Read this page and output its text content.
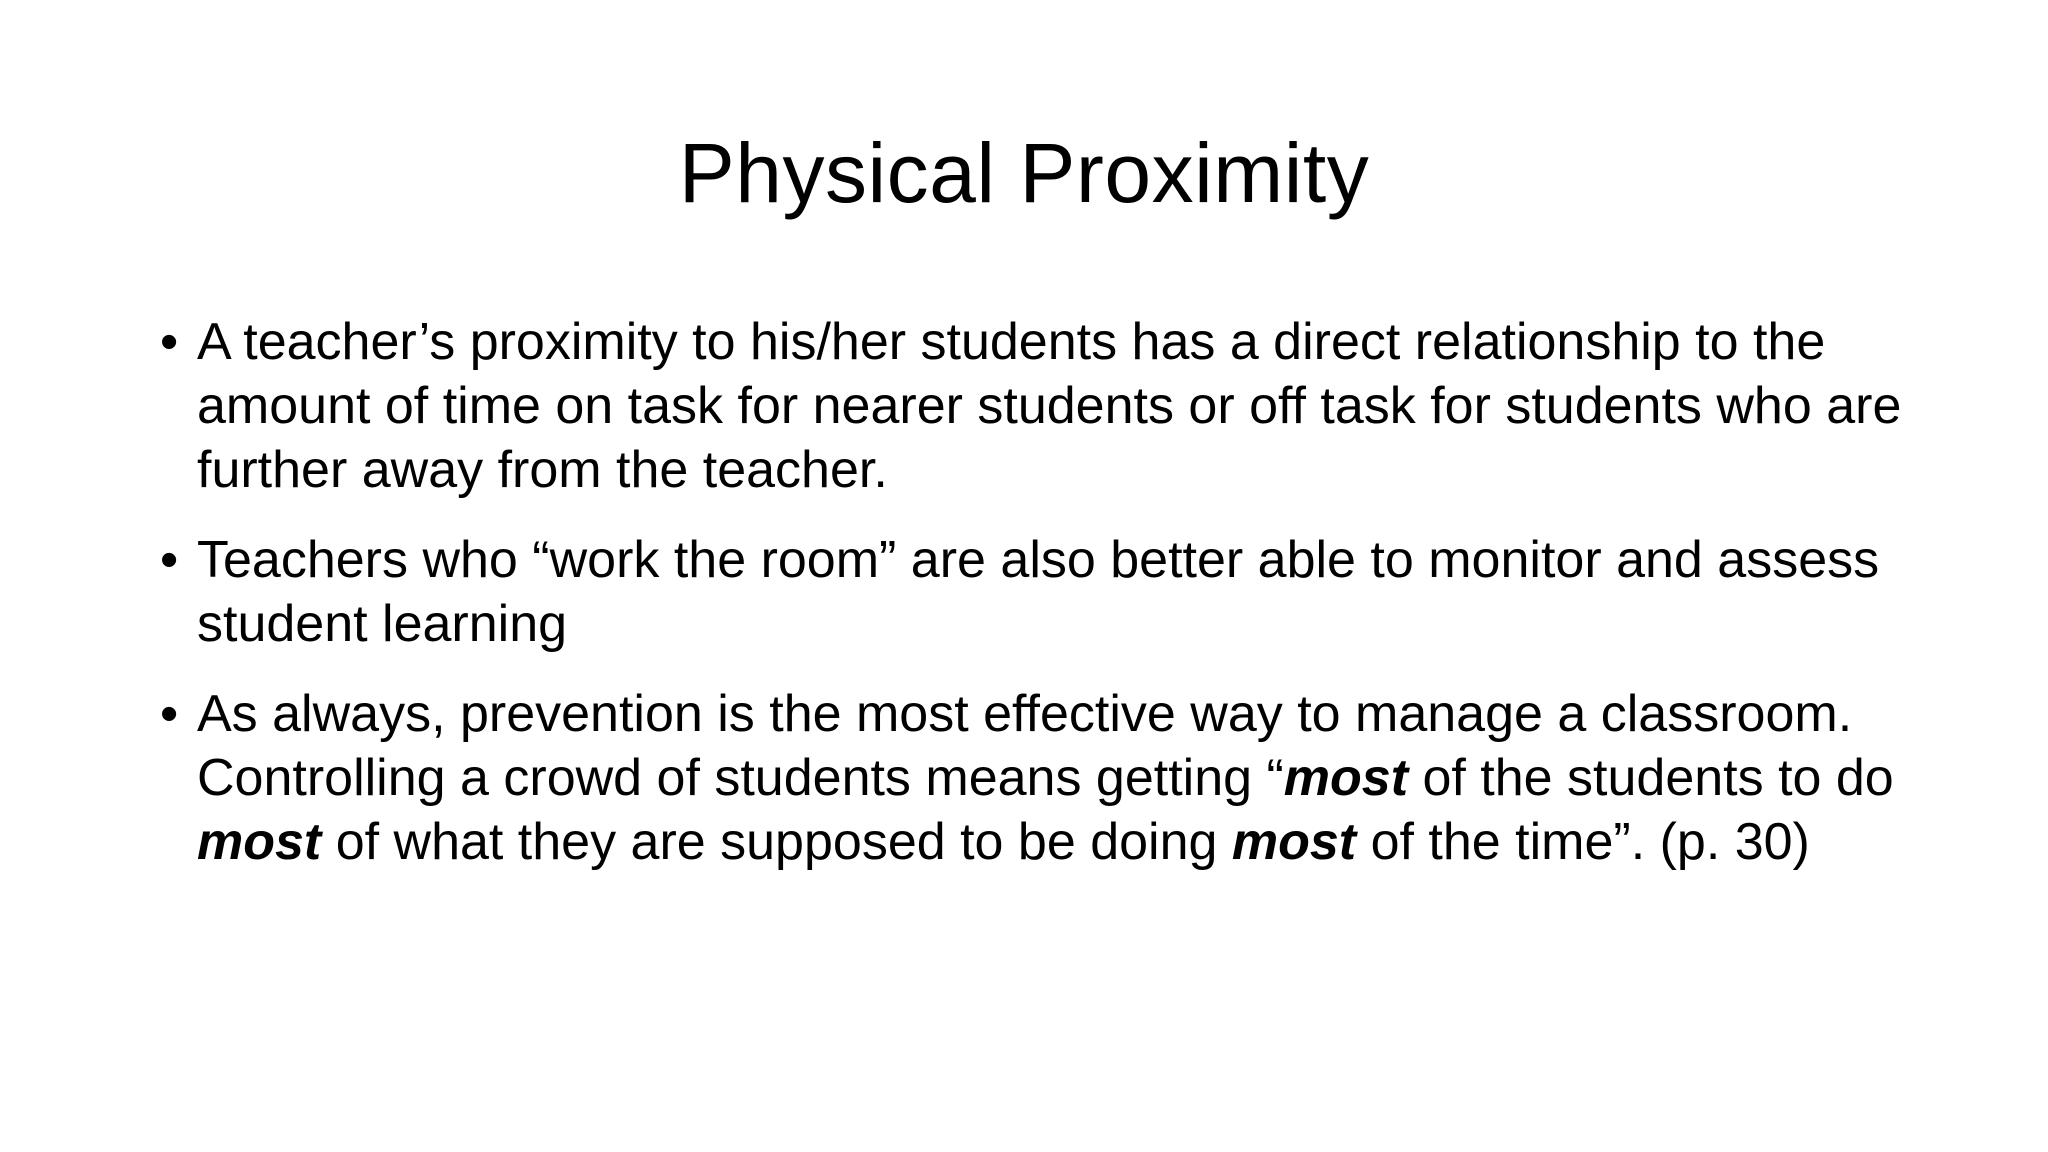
Physical Proximity
• A teacher’s proximity to his/her students has a direct relationship to the amount of time on task for nearer students or off task for students who are further away from the teacher.
• Teachers who “work the room” are also better able to monitor and assess student learning
• As always, prevention is the most effective way to manage a classroom. Controlling a crowd of students means getting “most of the students to do most of what they are supposed to be doing most of the time”. (p. 30)
